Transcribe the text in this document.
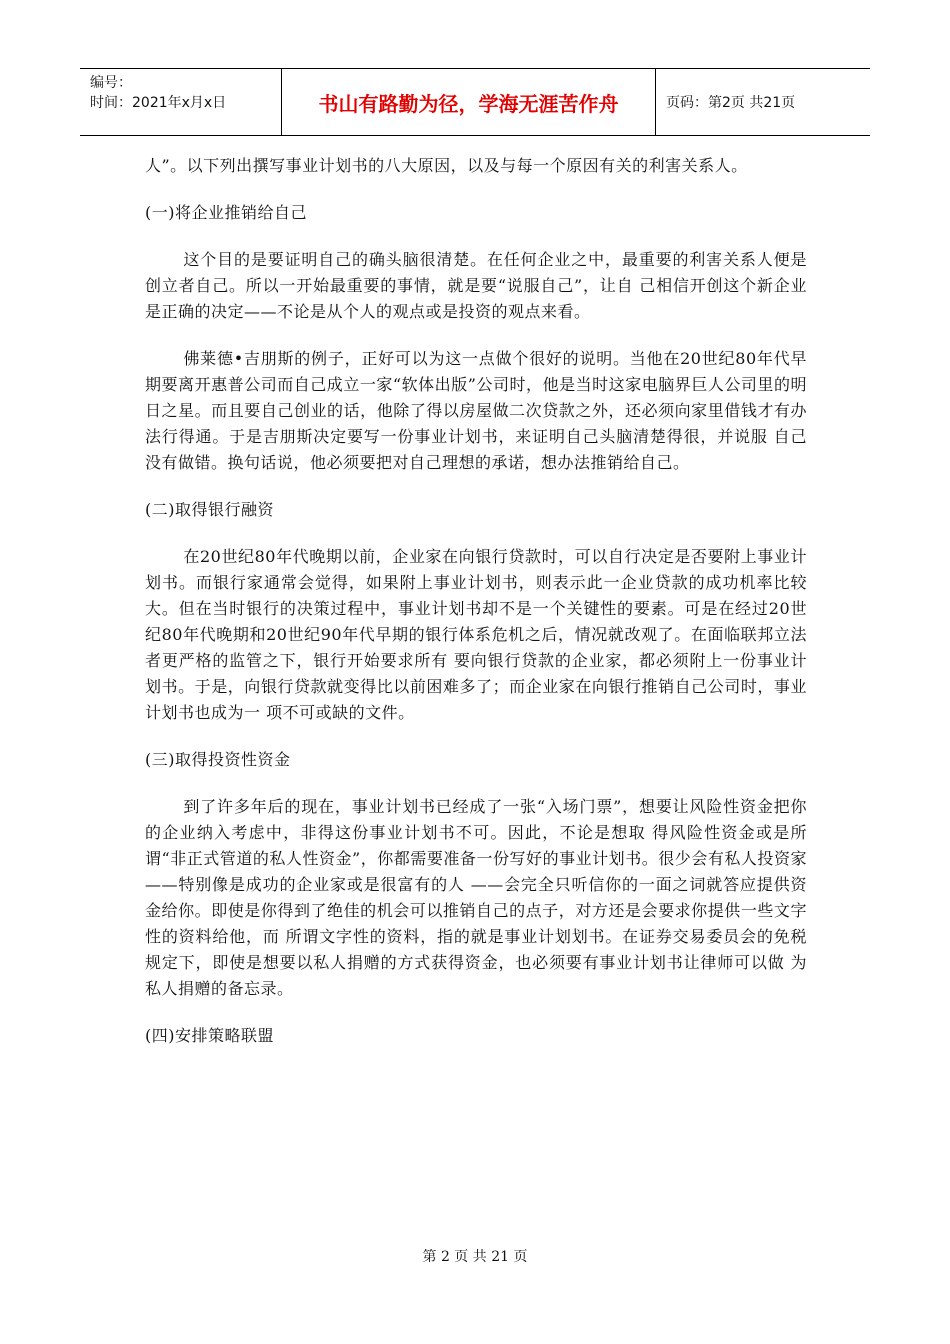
编号：
时间：2021年x月x日	书山有路勤为径，学海无涯苦作舟	页码：第2页 共21页

人”。以下列出撰写事业计划书的八大原因，以及与每一个原因有关的利害关系人。

(一)将企业推销给自己

这个目的是要证明自己的确头脑很清楚。在任何企业之中，最重要的利害关系人便是创立者自己。所以一开始最重要的事情，就是要“说服自己”，让自 己相信开创这个新企业是正确的决定——不论是从个人的观点或是投资的观点来看。

佛莱德•吉朋斯的例子，正好可以为这一点做个很好的说明。当他在20世纪80年代早期要离开惠普公司而自己成立一家“软体出版”公司时，他是当时这家电脑界巨人公司里的明日之星。而且要自己创业的话，他除了得以房屋做二次贷款之外，还必须向家里借钱才有办法行得通。于是吉朋斯决定要写一份事业计划书，来证明自己头脑清楚得很，并说服 自己没有做错。换句话说，他必须要把对自己理想的承诺，想办法推销给自己。

(二)取得银行融资

在20世纪80年代晚期以前，企业家在向银行贷款时，可以自行决定是否要附上事业计划书。而银行家通常会觉得，如果附上事业计划书，则表示此一企业贷款的成功机率比较大。但在当时银行的决策过程中，事业计划书却不是一个关键性的要素。可是在经过20世纪80年代晚期和20世纪90年代早期的银行体系危机之后，情况就改观了。在面临联邦立法者更严格的监管之下，银行开始要求所有 要向银行贷款的企业家，都必须附上一份事业计划书。于是，向银行贷款就变得比以前困难多了；而企业家在向银行推销自己公司时，事业计划书也成为一 项不可或缺的文件。

(三)取得投资性资金

到了许多年后的现在，事业计划书已经成了一张“入场门票”，想要让风险性资金把你的企业纳入考虑中，非得这份事业计划书不可。因此，不论是想取 得风险性资金或是所谓“非正式管道的私人性资金”，你都需要准备一份写好的事业计划书。很少会有私人投资家——特别像是成功的企业家或是很富有的人 ——会完全只听信你的一面之词就答应提供资金给你。即使是你得到了绝佳的机会可以推销自己的点子，对方还是会要求你提供一些文字性的资料给他，而 所谓文字性的资料，指的就是事业计划划书。在证券交易委员会的免税规定下，即使是想要以私人捐赠的方式获得资金，也必须要有事业计划书让律师可以做 为私人捐赠的备忘录。

(四)安排策略联盟

第 2 页 共 21 页
